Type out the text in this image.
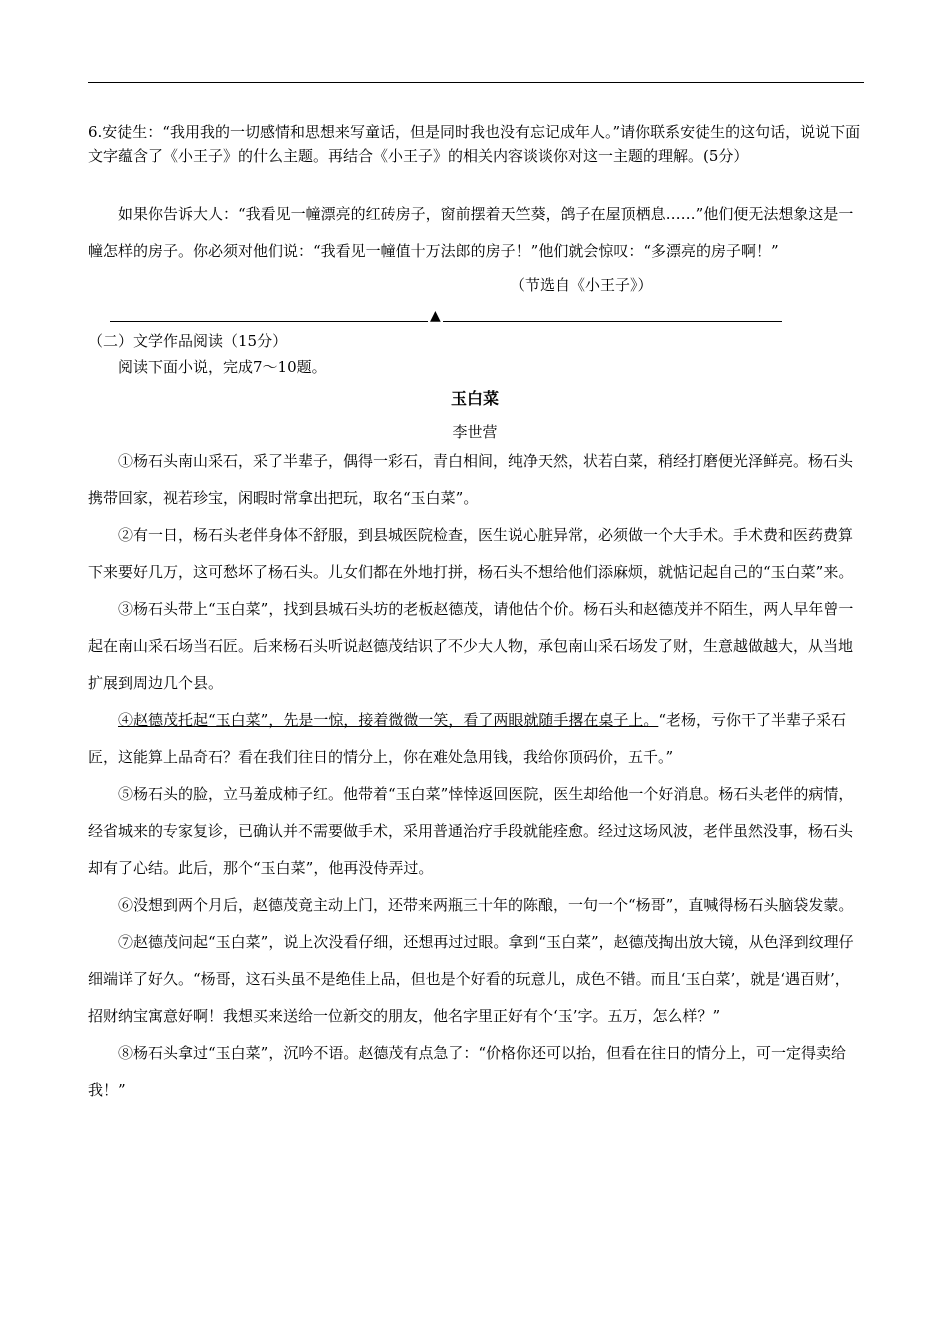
6.安徒生：“我用我的一切感情和思想来写童话，但是同时我也没有忘记成年人。”请你联系安徒生的这句话，说说下面文字蕴含了《小王子》的什么主题。再结合《小王子》的相关内容谈谈你对这一主题的理解。(5分）

如果你告诉大人：“我看见一幢漂亮的红砖房子，窗前摆着天竺葵，鸽子在屋顶栖息……”他们便无法想象这是一幢怎样的房子。你必须对他们说：“我看见一幢值十万法郎的房子！”他们就会惊叹：“多漂亮的房子啊！”

（节选自《小王子》）
▲
（二）文学作品阅读（15分）
阅读下面小说，完成7～10题。
玉白菜
李世营

①杨石头南山采石，采了半辈子，偶得一彩石，青白相间，纯净天然，状若白菜，稍经打磨便光泽鲜亮。杨石头携带回家，视若珍宝，闲暇时常拿出把玩，取名“玉白菜”。

②有一日，杨石头老伴身体不舒服，到县城医院检查，医生说心脏异常，必须做一个大手术。手术费和医药费算下来要好几万，这可愁坏了杨石头。儿女们都在外地打拼，杨石头不想给他们添麻烦，就惦记起自己的“玉白菜”来。

③杨石头带上“玉白菜”，找到县城石头坊的老板赵德茂，请他估个价。杨石头和赵德茂并不陌生，两人早年曾一起在南山采石场当石匠。后来杨石头听说赵德茂结识了不少大人物，承包南山采石场发了财，生意越做越大，从当地扩展到周边几个县。

④赵德茂托起“玉白菜”，先是一惊，接着微微一笑，看了两眼就随手撂在桌子上。“老杨，亏你干了半辈子采石匠，这能算上品奇石？看在我们往日的情分上，你在难处急用钱，我给你顶码价，五千。”

⑤杨石头的脸，立马羞成柿子红。他带着“玉白菜”悻悻返回医院，医生却给他一个好消息。杨石头老伴的病情，经省城来的专家复诊，已确认并不需要做手术，采用普通治疗手段就能痊愈。经过这场风波，老伴虽然没事，杨石头却有了心结。此后，那个“玉白菜”，他再没侍弄过。

⑥没想到两个月后，赵德茂竟主动上门，还带来两瓶三十年的陈酿，一句一个“杨哥”，直喊得杨石头脑袋发蒙。

⑦赵德茂问起“玉白菜”，说上次没看仔细，还想再过过眼。拿到“玉白菜”，赵德茂掏出放大镜，从色泽到纹理仔细端详了好久。“杨哥，这石头虽不是绝佳上品，但也是个好看的玩意儿，成色不错。而且‘玉白菜’，就是‘遇百财’，招财纳宝寓意好啊！我想买来送给一位新交的朋友，他名字里正好有个‘玉’字。五万，怎么样？”

⑧杨石头拿过“玉白菜”，沉吟不语。赵德茂有点急了：“价格你还可以抬，但看在往日的情分上，可一定得卖给我！”
